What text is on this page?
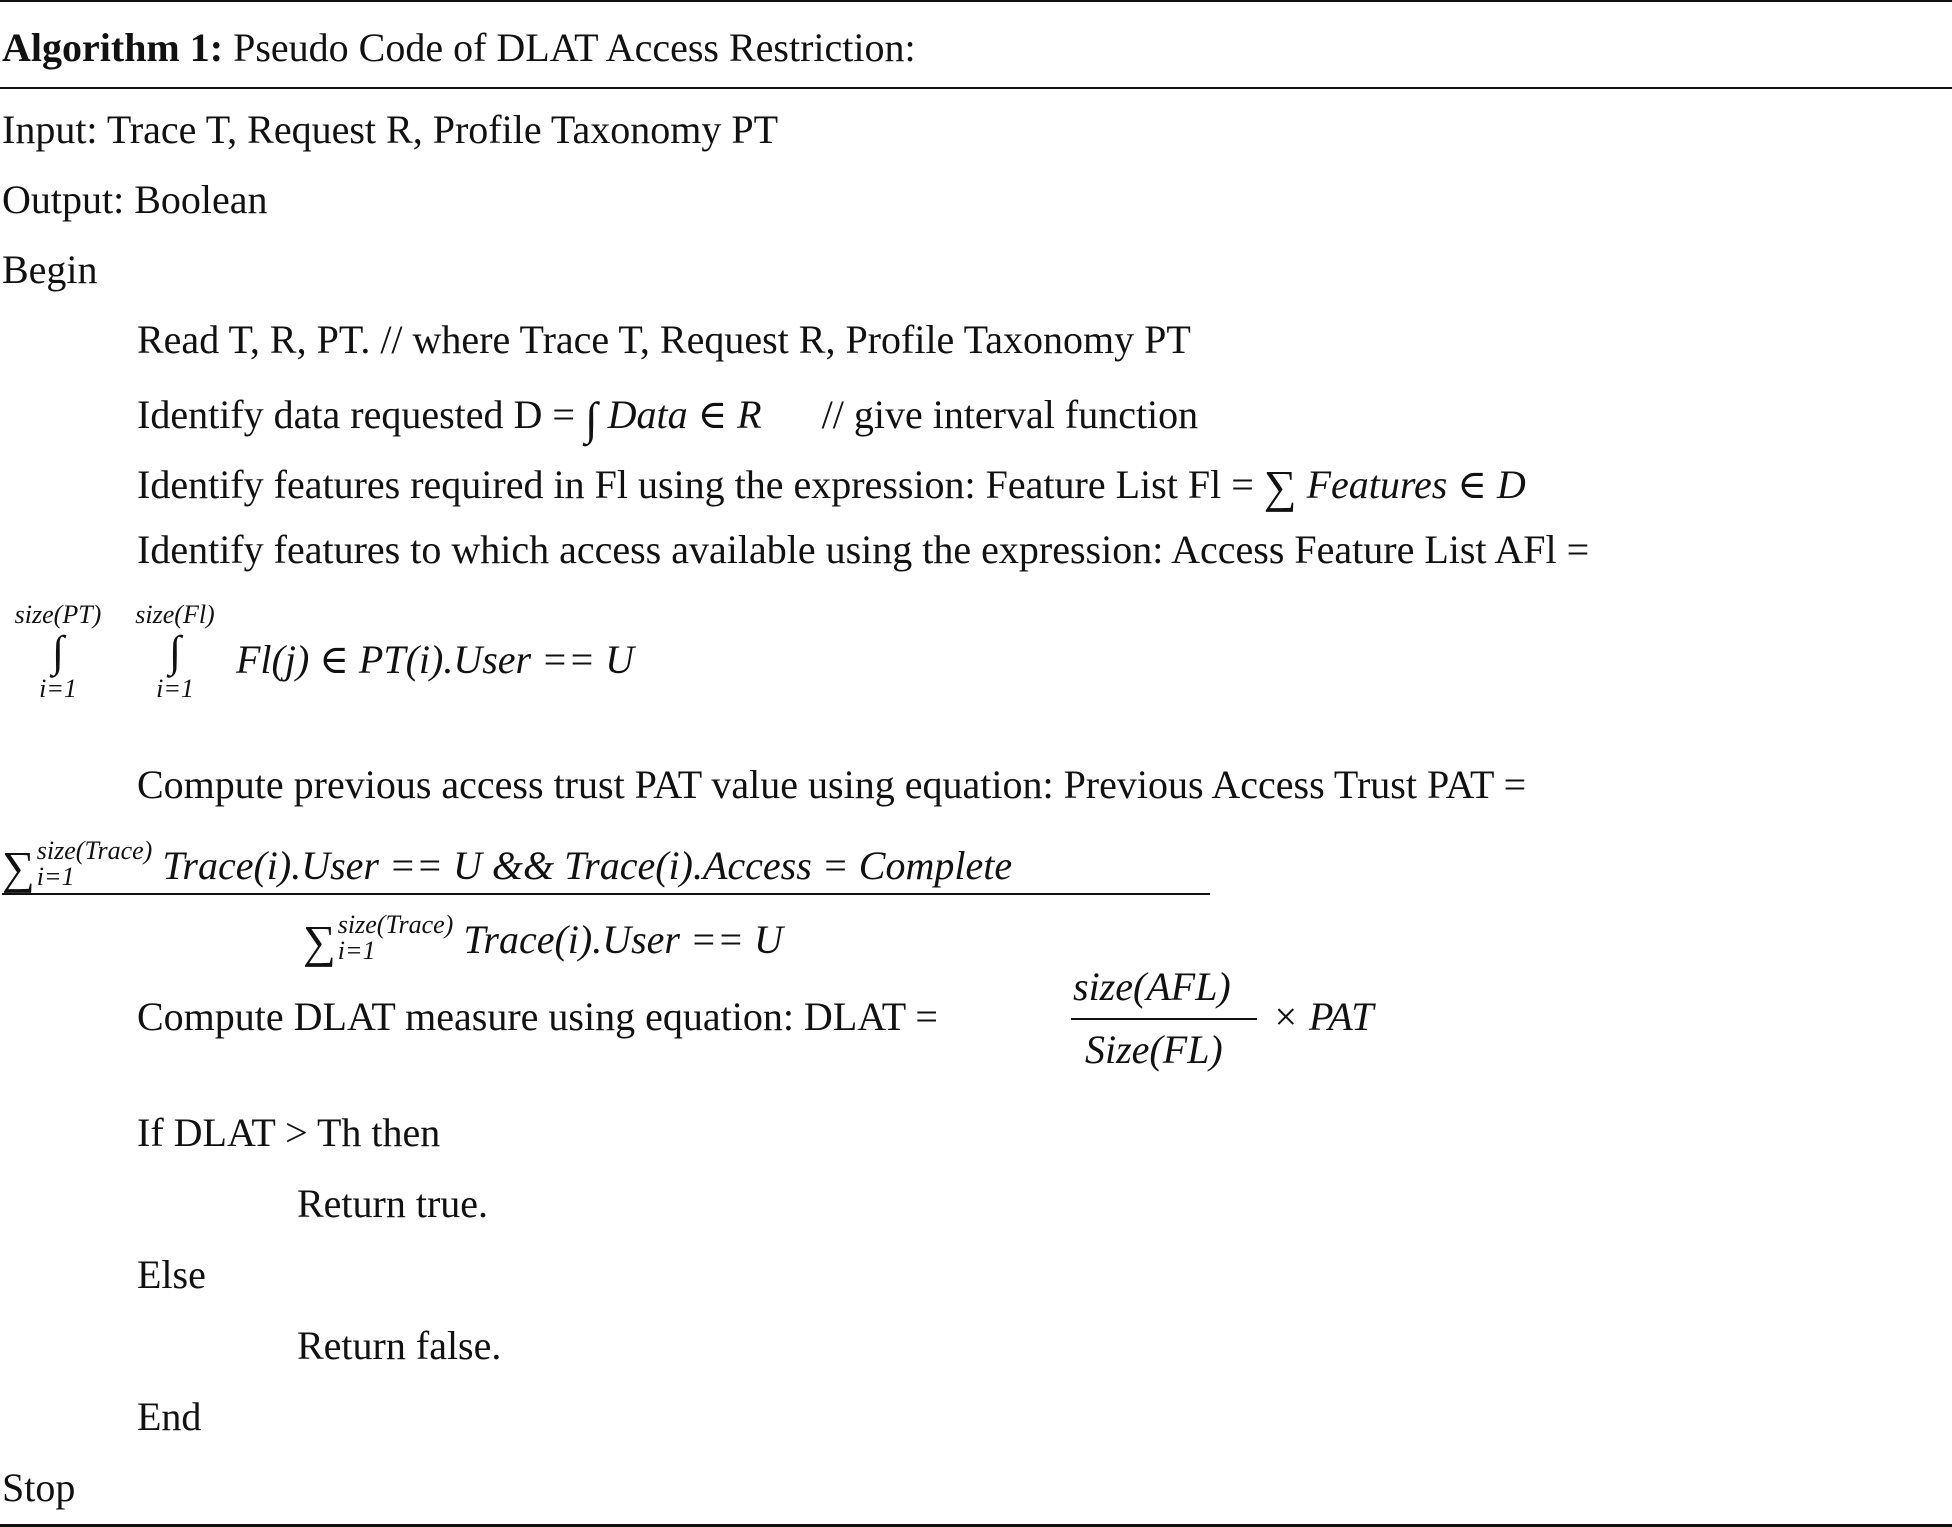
Algorithm 1: Pseudo Code of DLAT Access Restriction:
Input: Trace T, Request R, Profile Taxonomy PT
Output: Boolean
Begin
Read T, R, PT. // where Trace T, Request R, Profile Taxonomy PT
Identify data requested D = ∫ Data ∈ R // give interval function
Identify features required in Fl using the expression: Feature List Fl = ∑ Features ∈ D
Identify features to which access available using the expression: Access Feature List AFl =
size(PT)
∫
i=1
size(Fl)
∫
i=1
Fl(j) ∈ PT(i).User == U
Compute previous access trust PAT value using equation: Previous Access Trust PAT =
∑ size(Trace)
i=1	Trace(i).User == U && Trace(i).Access = Complete
∑ size(Trace)
i=1	Trace(i).User == U
Compute DLAT measure using equation: DLAT =
size(AFL)
Size(FL)
× PAT
If DLAT > Th then
Return true.
Else
Return false.
End
Stop
